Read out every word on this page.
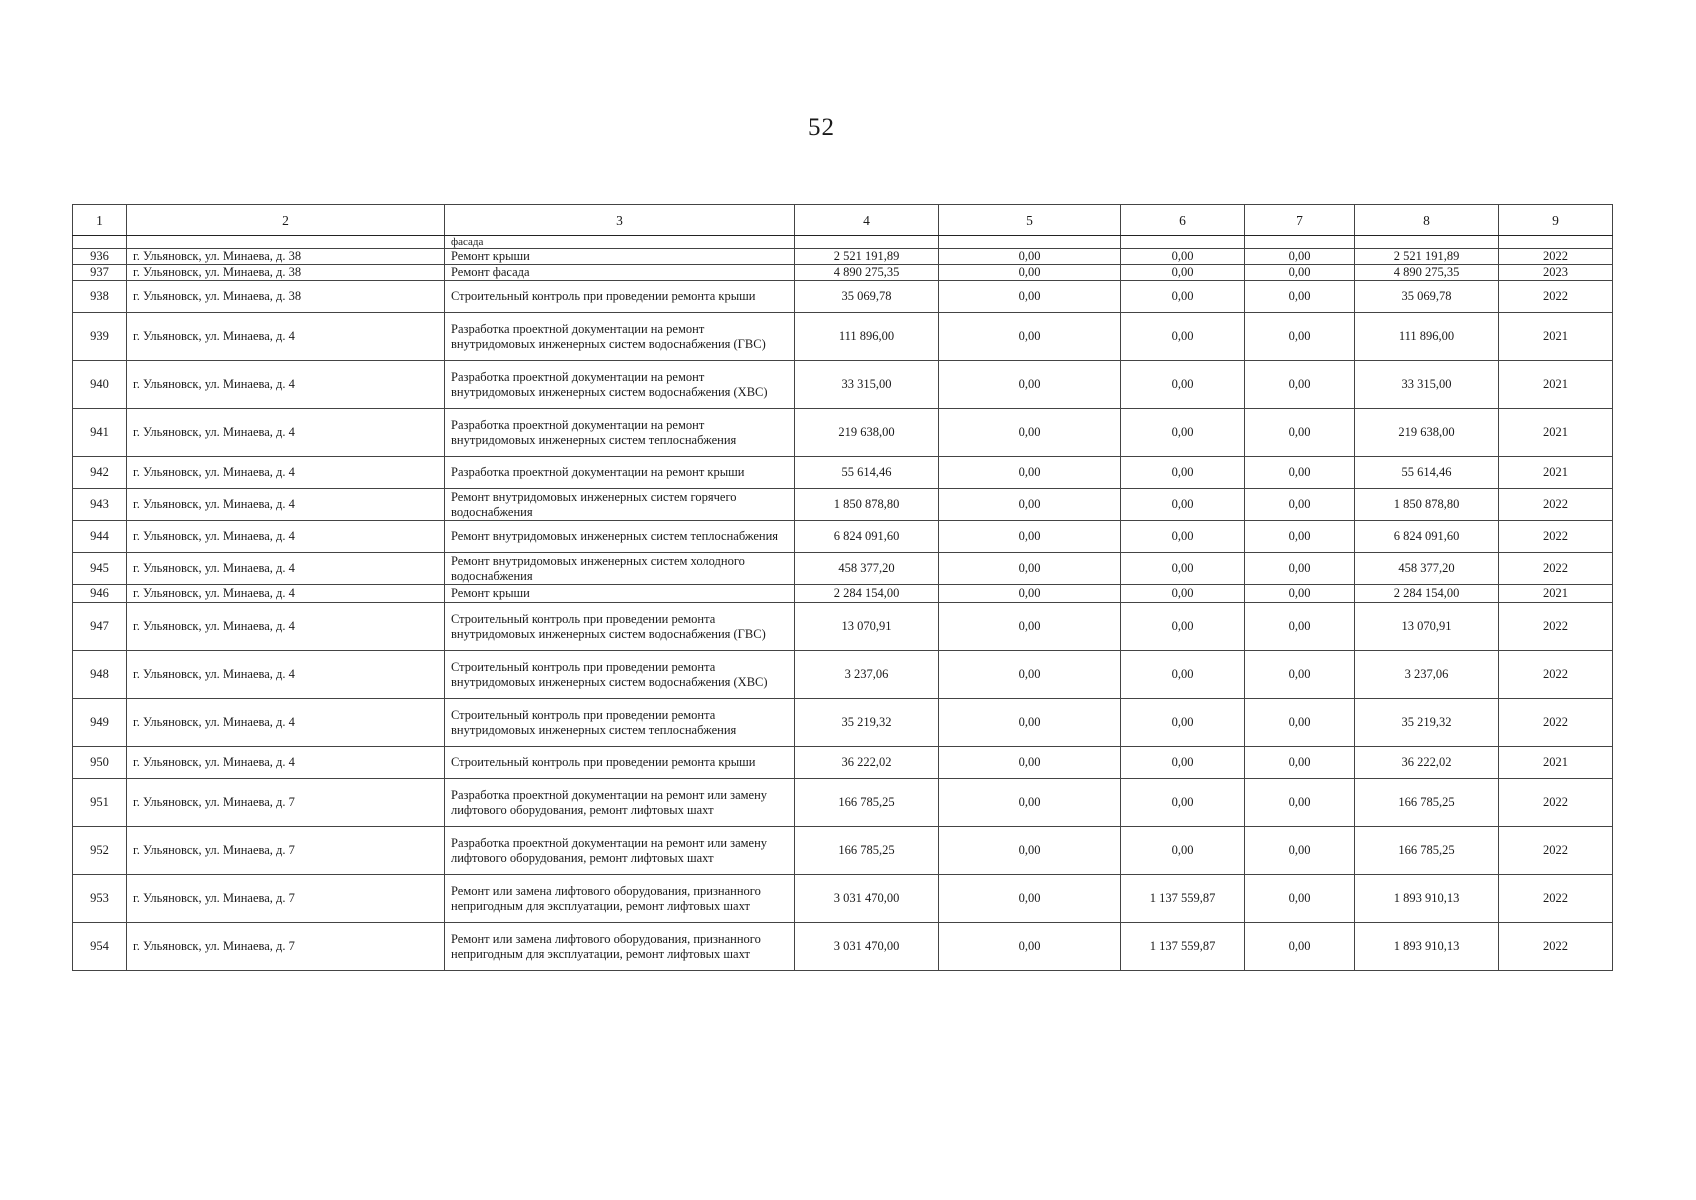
52
1	2	3	4	5	6	7	8	9
		фасада						
936	г. Ульяновск, ул. Минаева, д. 38	Ремонт крыши	2 521 191,89	0,00	0,00	0,00	2 521 191,89	2022
937	г. Ульяновск, ул. Минаева, д. 38	Ремонт фасада	4 890 275,35	0,00	0,00	0,00	4 890 275,35	2023
938	г. Ульяновск, ул. Минаева, д. 38	Строительный контроль при проведении ремонта крыши	35 069,78	0,00	0,00	0,00	35 069,78	2022
939	г. Ульяновск, ул. Минаева, д. 4	Разработка проектной документации на ремонт внутридомовых инженерных систем водоснабжения (ГВС)	111 896,00	0,00	0,00	0,00	111 896,00	2021
940	г. Ульяновск, ул. Минаева, д. 4	Разработка проектной документации на ремонт внутридомовых инженерных систем водоснабжения (ХВС)	33 315,00	0,00	0,00	0,00	33 315,00	2021
941	г. Ульяновск, ул. Минаева, д. 4	Разработка проектной документации на ремонт внутридомовых инженерных систем теплоснабжения	219 638,00	0,00	0,00	0,00	219 638,00	2021
942	г. Ульяновск, ул. Минаева, д. 4	Разработка проектной документации на ремонт крыши	55 614,46	0,00	0,00	0,00	55 614,46	2021
943	г. Ульяновск, ул. Минаева, д. 4	Ремонт внутридомовых инженерных систем горячего водоснабжения	1 850 878,80	0,00	0,00	0,00	1 850 878,80	2022
944	г. Ульяновск, ул. Минаева, д. 4	Ремонт внутридомовых инженерных систем теплоснабжения	6 824 091,60	0,00	0,00	0,00	6 824 091,60	2022
945	г. Ульяновск, ул. Минаева, д. 4	Ремонт внутридомовых инженерных систем холодного водоснабжения	458 377,20	0,00	0,00	0,00	458 377,20	2022
946	г. Ульяновск, ул. Минаева, д. 4	Ремонт крыши	2 284 154,00	0,00	0,00	0,00	2 284 154,00	2021
947	г. Ульяновск, ул. Минаева, д. 4	Строительный контроль при проведении ремонта внутридомовых инженерных систем водоснабжения (ГВС)	13 070,91	0,00	0,00	0,00	13 070,91	2022
948	г. Ульяновск, ул. Минаева, д. 4	Строительный контроль при проведении ремонта внутридомовых инженерных систем водоснабжения (ХВС)	3 237,06	0,00	0,00	0,00	3 237,06	2022
949	г. Ульяновск, ул. Минаева, д. 4	Строительный контроль при проведении ремонта внутридомовых инженерных систем теплоснабжения	35 219,32	0,00	0,00	0,00	35 219,32	2022
950	г. Ульяновск, ул. Минаева, д. 4	Строительный контроль при проведении ремонта крыши	36 222,02	0,00	0,00	0,00	36 222,02	2021
951	г. Ульяновск, ул. Минаева, д. 7	Разработка проектной документации на ремонт или замену лифтового оборудования, ремонт лифтовых шахт	166 785,25	0,00	0,00	0,00	166 785,25	2022
952	г. Ульяновск, ул. Минаева, д. 7	Разработка проектной документации на ремонт или замену лифтового оборудования, ремонт лифтовых шахт	166 785,25	0,00	0,00	0,00	166 785,25	2022
953	г. Ульяновск, ул. Минаева, д. 7	Ремонт или замена лифтового оборудования, признанного непригодным для эксплуатации, ремонт лифтовых шахт	3 031 470,00	0,00	1 137 559,87	0,00	1 893 910,13	2022
954	г. Ульяновск, ул. Минаева, д. 7	Ремонт или замена лифтового оборудования, признанного непригодным для эксплуатации, ремонт лифтовых шахт	3 031 470,00	0,00	1 137 559,87	0,00	1 893 910,13	2022
